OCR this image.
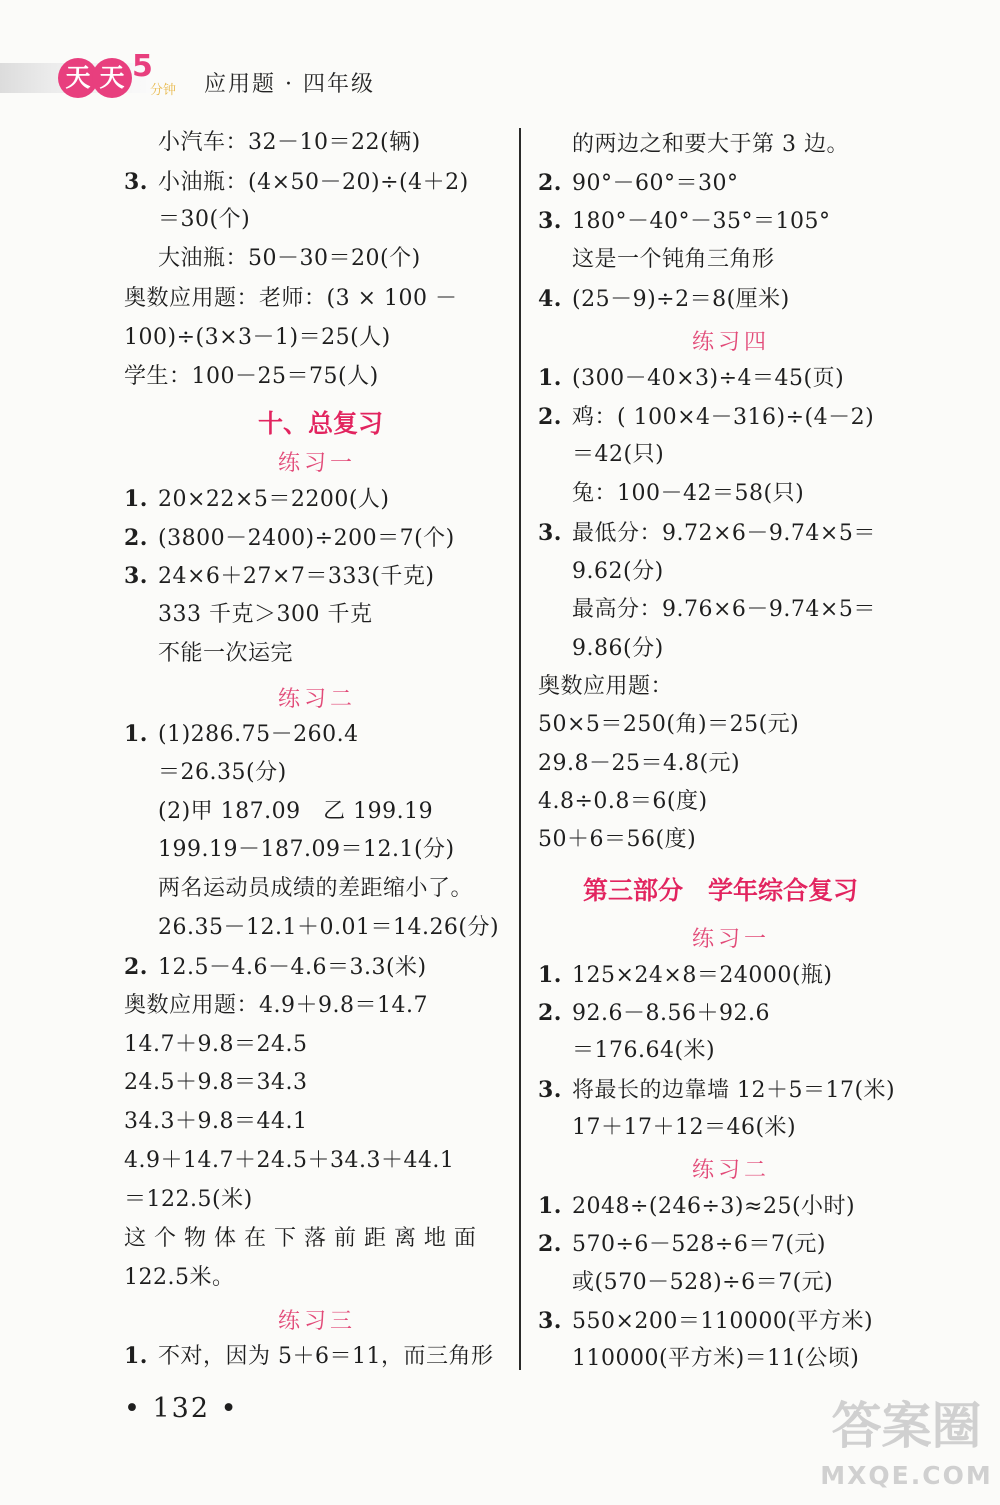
天 天 5
分钟 应用题 · 四年级
小汽车：32－10＝22(辆)
3. 小油瓶：(4×50－20)÷(4＋2)
＝30(个)
大油瓶：50－30＝20(个)
奥数应用题：老师：(3 × 100 －
100)÷(3×3－1)＝25(人)
学生：100－25＝75(人)
十、总复习
练习一
1. 20×22×5＝2200(人)
2. (3800－2400)÷200＝7(个)
3. 24×6＋27×7＝333(千克)
333 千克＞300 千克
不能一次运完
练习二
1. (1)286.75－260.4
＝26.35(分)
(2)甲 187.09　乙 199.19
199.19－187.09＝12.1(分)
两名运动员成绩的差距缩小了。
26.35－12.1＋0.01＝14.26(分)
2. 12.5－4.6－4.6＝3.3(米)
奥数应用题：4.9＋9.8＝14.7
14.7＋9.8＝24.5
24.5＋9.8＝34.3
34.3＋9.8＝44.1
4.9＋14.7＋24.5＋34.3＋44.1
＝122.5(米)
这 个 物 体 在 下 落 前 距 离 地 面
122.5米。
练习三
1. 不对，因为 5＋6＝11，而三角形
的两边之和要大于第 3 边。
2. 90°－60°＝30°
3. 180°－40°－35°＝105°
这是一个钝角三角形
4. (25－9)÷2＝8(厘米)
练习四
1. (300－40×3)÷4＝45(页)
2. 鸡：( 100×4－316)÷(4－2)
＝42(只)
兔：100－42＝58(只)
3. 最低分：9.72×6－9.74×5＝
9.62(分)
最高分：9.76×6－9.74×5＝
9.86(分)
奥数应用题：
50×5＝250(角)＝25(元)
29.8－25＝4.8(元)
4.8÷0.8＝6(度)
50＋6＝56(度)
第三部分　学年综合复习
练习一
1. 125×24×8＝24000(瓶)
2. 92.6－8.56＋92.6
＝176.64(米)
3. 将最长的边靠墙 12＋5＝17(米)
17＋17＋12＝46(米)
练习二
1. 2048÷(246÷3)≈25(小时)
2. 570÷6－528÷6＝7(元)
或(570－528)÷6＝7(元)
3. 550×200＝110000(平方米)
110000(平方米)＝11(公顷)
• 132 •	答案圈
MXQE.COM
